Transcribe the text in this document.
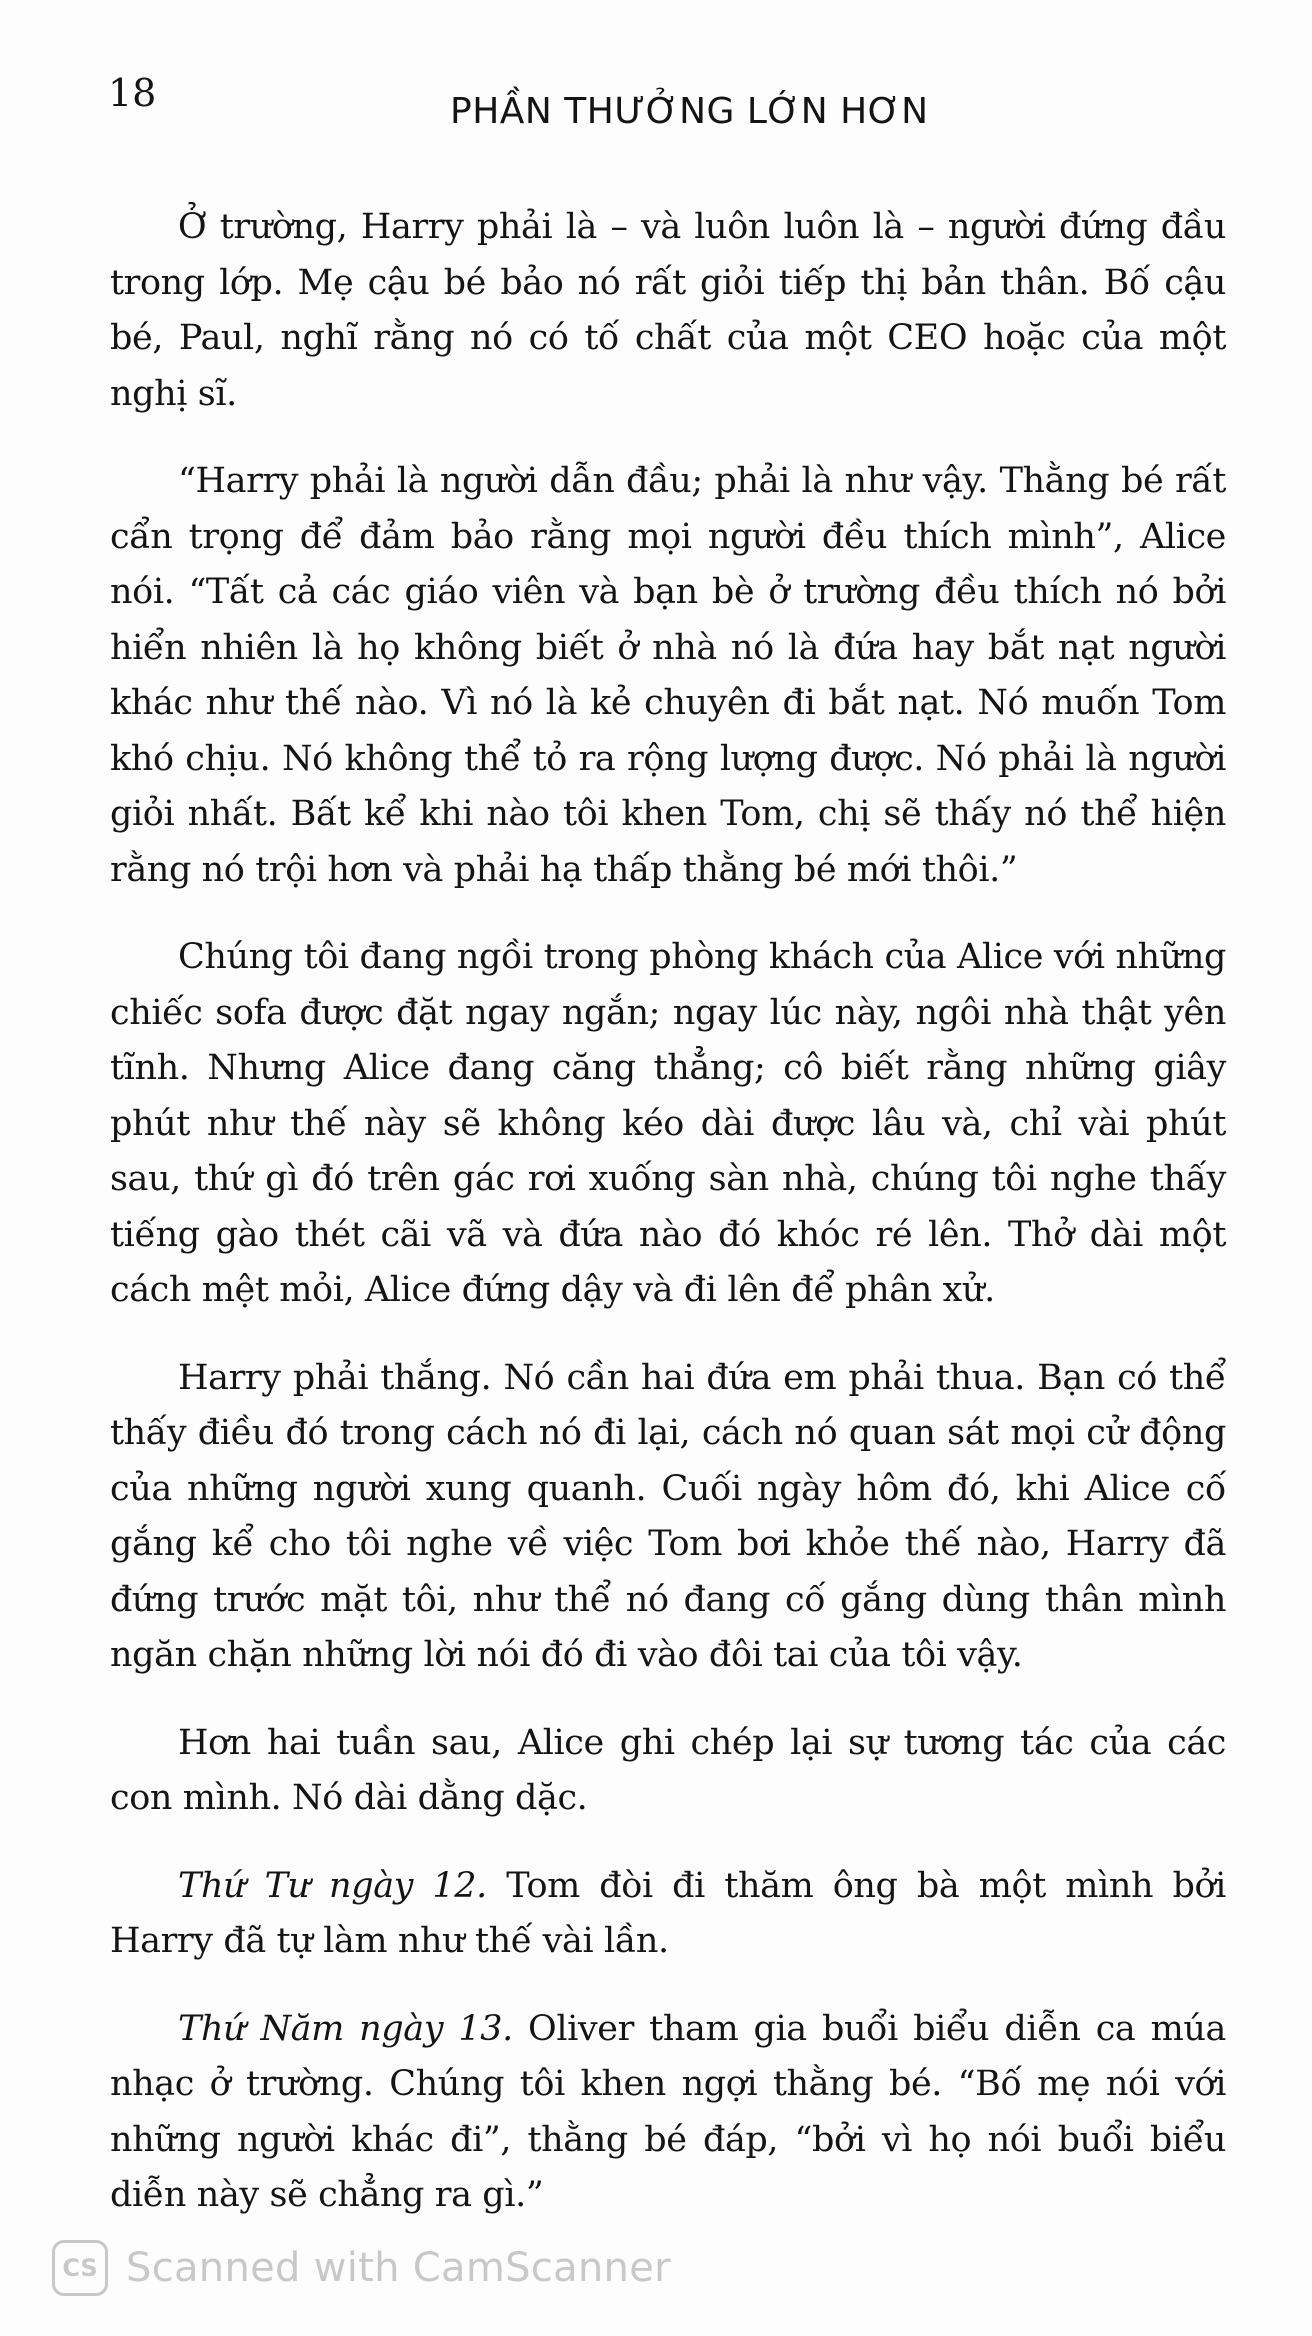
18	PHẦN THƯỞNG LỚN HƠN

Ở trường, Harry phải là – và luôn luôn là – người đứng đầu trong lớp. Mẹ cậu bé bảo nó rất giỏi tiếp thị bản thân. Bố cậu bé, Paul, nghĩ rằng nó có tố chất của một CEO hoặc của một nghị sĩ.

“Harry phải là người dẫn đầu; phải là như vậy. Thằng bé rất cẩn trọng để đảm bảo rằng mọi người đều thích mình”, Alice nói. “Tất cả các giáo viên và bạn bè ở trường đều thích nó bởi hiển nhiên là họ không biết ở nhà nó là đứa hay bắt nạt người khác như thế nào. Vì nó là kẻ chuyên đi bắt nạt. Nó muốn Tom khó chịu. Nó không thể tỏ ra rộng lượng được. Nó phải là người giỏi nhất. Bất kể khi nào tôi khen Tom, chị sẽ thấy nó thể hiện rằng nó trội hơn và phải hạ thấp thằng bé mới thôi.”

Chúng tôi đang ngồi trong phòng khách của Alice với những chiếc sofa được đặt ngay ngắn; ngay lúc này, ngôi nhà thật yên tĩnh. Nhưng Alice đang căng thẳng; cô biết rằng những giây phút như thế này sẽ không kéo dài được lâu và, chỉ vài phút sau, thứ gì đó trên gác rơi xuống sàn nhà, chúng tôi nghe thấy tiếng gào thét cãi vã và đứa nào đó khóc ré lên. Thở dài một cách mệt mỏi, Alice đứng dậy và đi lên để phân xử.

Harry phải thắng. Nó cần hai đứa em phải thua. Bạn có thể thấy điều đó trong cách nó đi lại, cách nó quan sát mọi cử động của những người xung quanh. Cuối ngày hôm đó, khi Alice cố gắng kể cho tôi nghe về việc Tom bơi khỏe thế nào, Harry đã đứng trước mặt tôi, như thể nó đang cố gắng dùng thân mình ngăn chặn những lời nói đó đi vào đôi tai của tôi vậy.

Hơn hai tuần sau, Alice ghi chép lại sự tương tác của các con mình. Nó dài dằng dặc.

Thứ Tư ngày 12. Tom đòi đi thăm ông bà một mình bởi Harry đã tự làm như thế vài lần.

Thứ Năm ngày 13. Oliver tham gia buổi biểu diễn ca múa nhạc ở trường. Chúng tôi khen ngợi thằng bé. “Bố mẹ nói với những người khác đi”, thằng bé đáp, “bởi vì họ nói buổi biểu diễn này sẽ chẳng ra gì.”

CS Scanned with CamScanner
